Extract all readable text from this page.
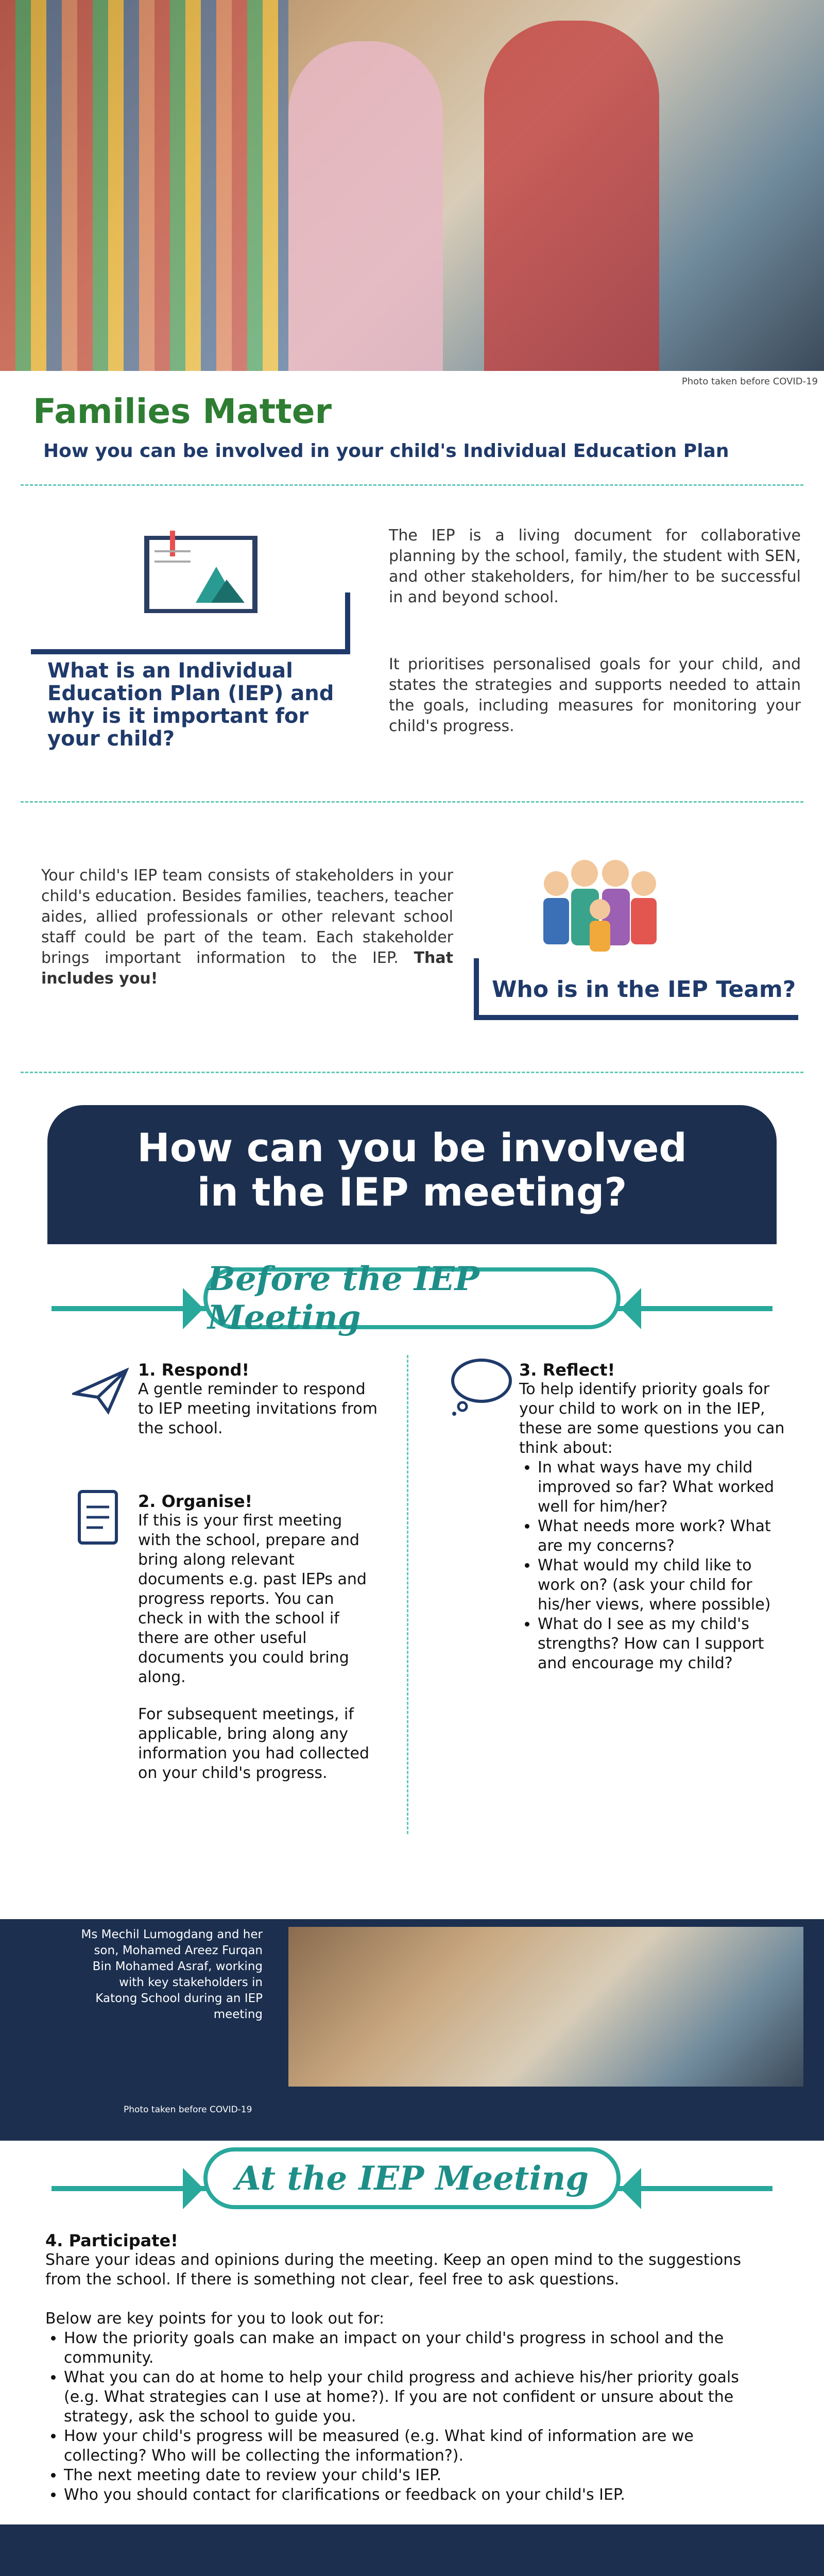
Photo taken before COVID-19
Families Matter
How you can be involved in your child's Individual Education Plan
What is an Individual Education Plan (IEP) and why is it important for your child?
The IEP is a living document for collaborative planning by the school, family, the student with SEN, and other stakeholders, for him/her to be successful in and beyond school.
It prioritises personalised goals for your child, and states the strategies and supports needed to attain the goals, including measures for monitoring your child's progress.
Your child's IEP team consists of stakeholders in your child's education. Besides families, teachers, teacher aides, allied professionals or other relevant school staff could be part of the team. Each stakeholder brings important information to the IEP. That includes you!	Who is in the IEP Team?
How can you be involved
in the IEP meeting?
Before the IEP Meeting
1. Respond!
A gentle reminder to respond to IEP meeting invitations from the school.
2. Organise!
If this is your first meeting with the school, prepare and bring along relevant documents e.g. past IEPs and progress reports. You can check in with the school if there are other useful documents you could bring along.
For subsequent meetings, if applicable, bring along any information you had collected on your child's progress.
3. Reflect!
To help identify priority goals for your child to work on in the IEP, these are some questions you can think about:
• In what ways have my child improved so far? What worked well for him/her?
• What needs more work? What are my concerns?
• What would my child like to work on? (ask your child for his/her views, where possible)
• What do I see as my child's strengths? How can I support and encourage my child?
Ms Mechil Lumogdang and her son, Mohamed Areez Furqan Bin Mohamed Asraf, working with key stakeholders in Katong School during an IEP meeting
Photo taken before COVID-19
At the IEP Meeting
4. Participate!
Share your ideas and opinions during the meeting. Keep an open mind to the suggestions from the school. If there is something not clear, feel free to ask questions.
Below are key points for you to look out for:
• How the priority goals can make an impact on your child's progress in school and the community.
• What you can do at home to help your child progress and achieve his/her priority goals (e.g. What strategies can I use at home?). If you are not confident or unsure about the strategy, ask the school to guide you.
• How your child's progress will be measured (e.g. What kind of information are we collecting? Who will be collecting the information?).
• The next meeting date to review your child's IEP.
• Who you should contact for clarifications or feedback on your child's IEP.
